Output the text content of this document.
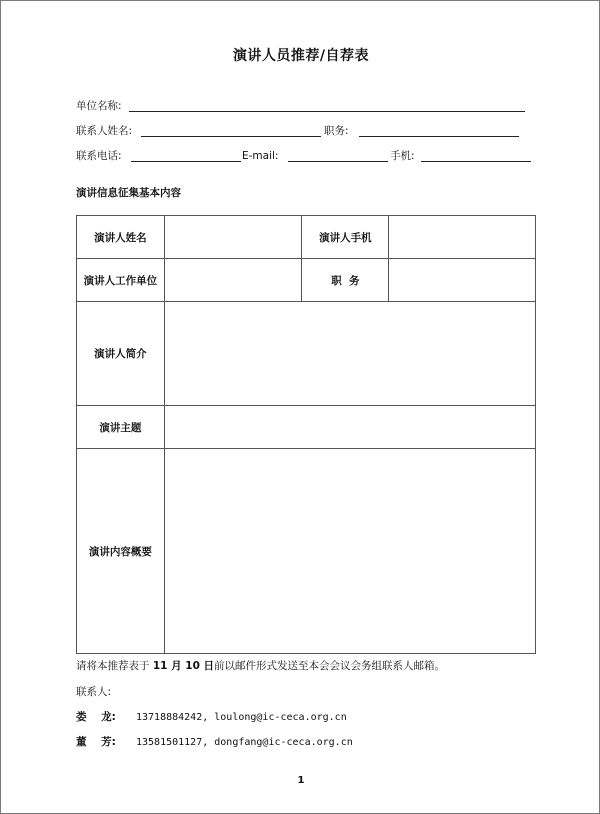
演讲人员推荐/自荐表
单位名称:
联系人姓名:	职务:
联系电话:	E-mail:	手机:
演讲信息征集基本内容
演讲人姓名		演讲人手机	
演讲人工作单位		职  务	
演讲人简介			
演讲主题			
演讲内容概要			
请将本推荐表于 11 月 10 日前以邮件形式发送至本会会议会务组联系人邮箱。
联系人:
娄    龙: 13718884242, loulong@ic-ceca.org.cn
董    芳: 13581501127, dongfang@ic-ceca.org.cn
1
